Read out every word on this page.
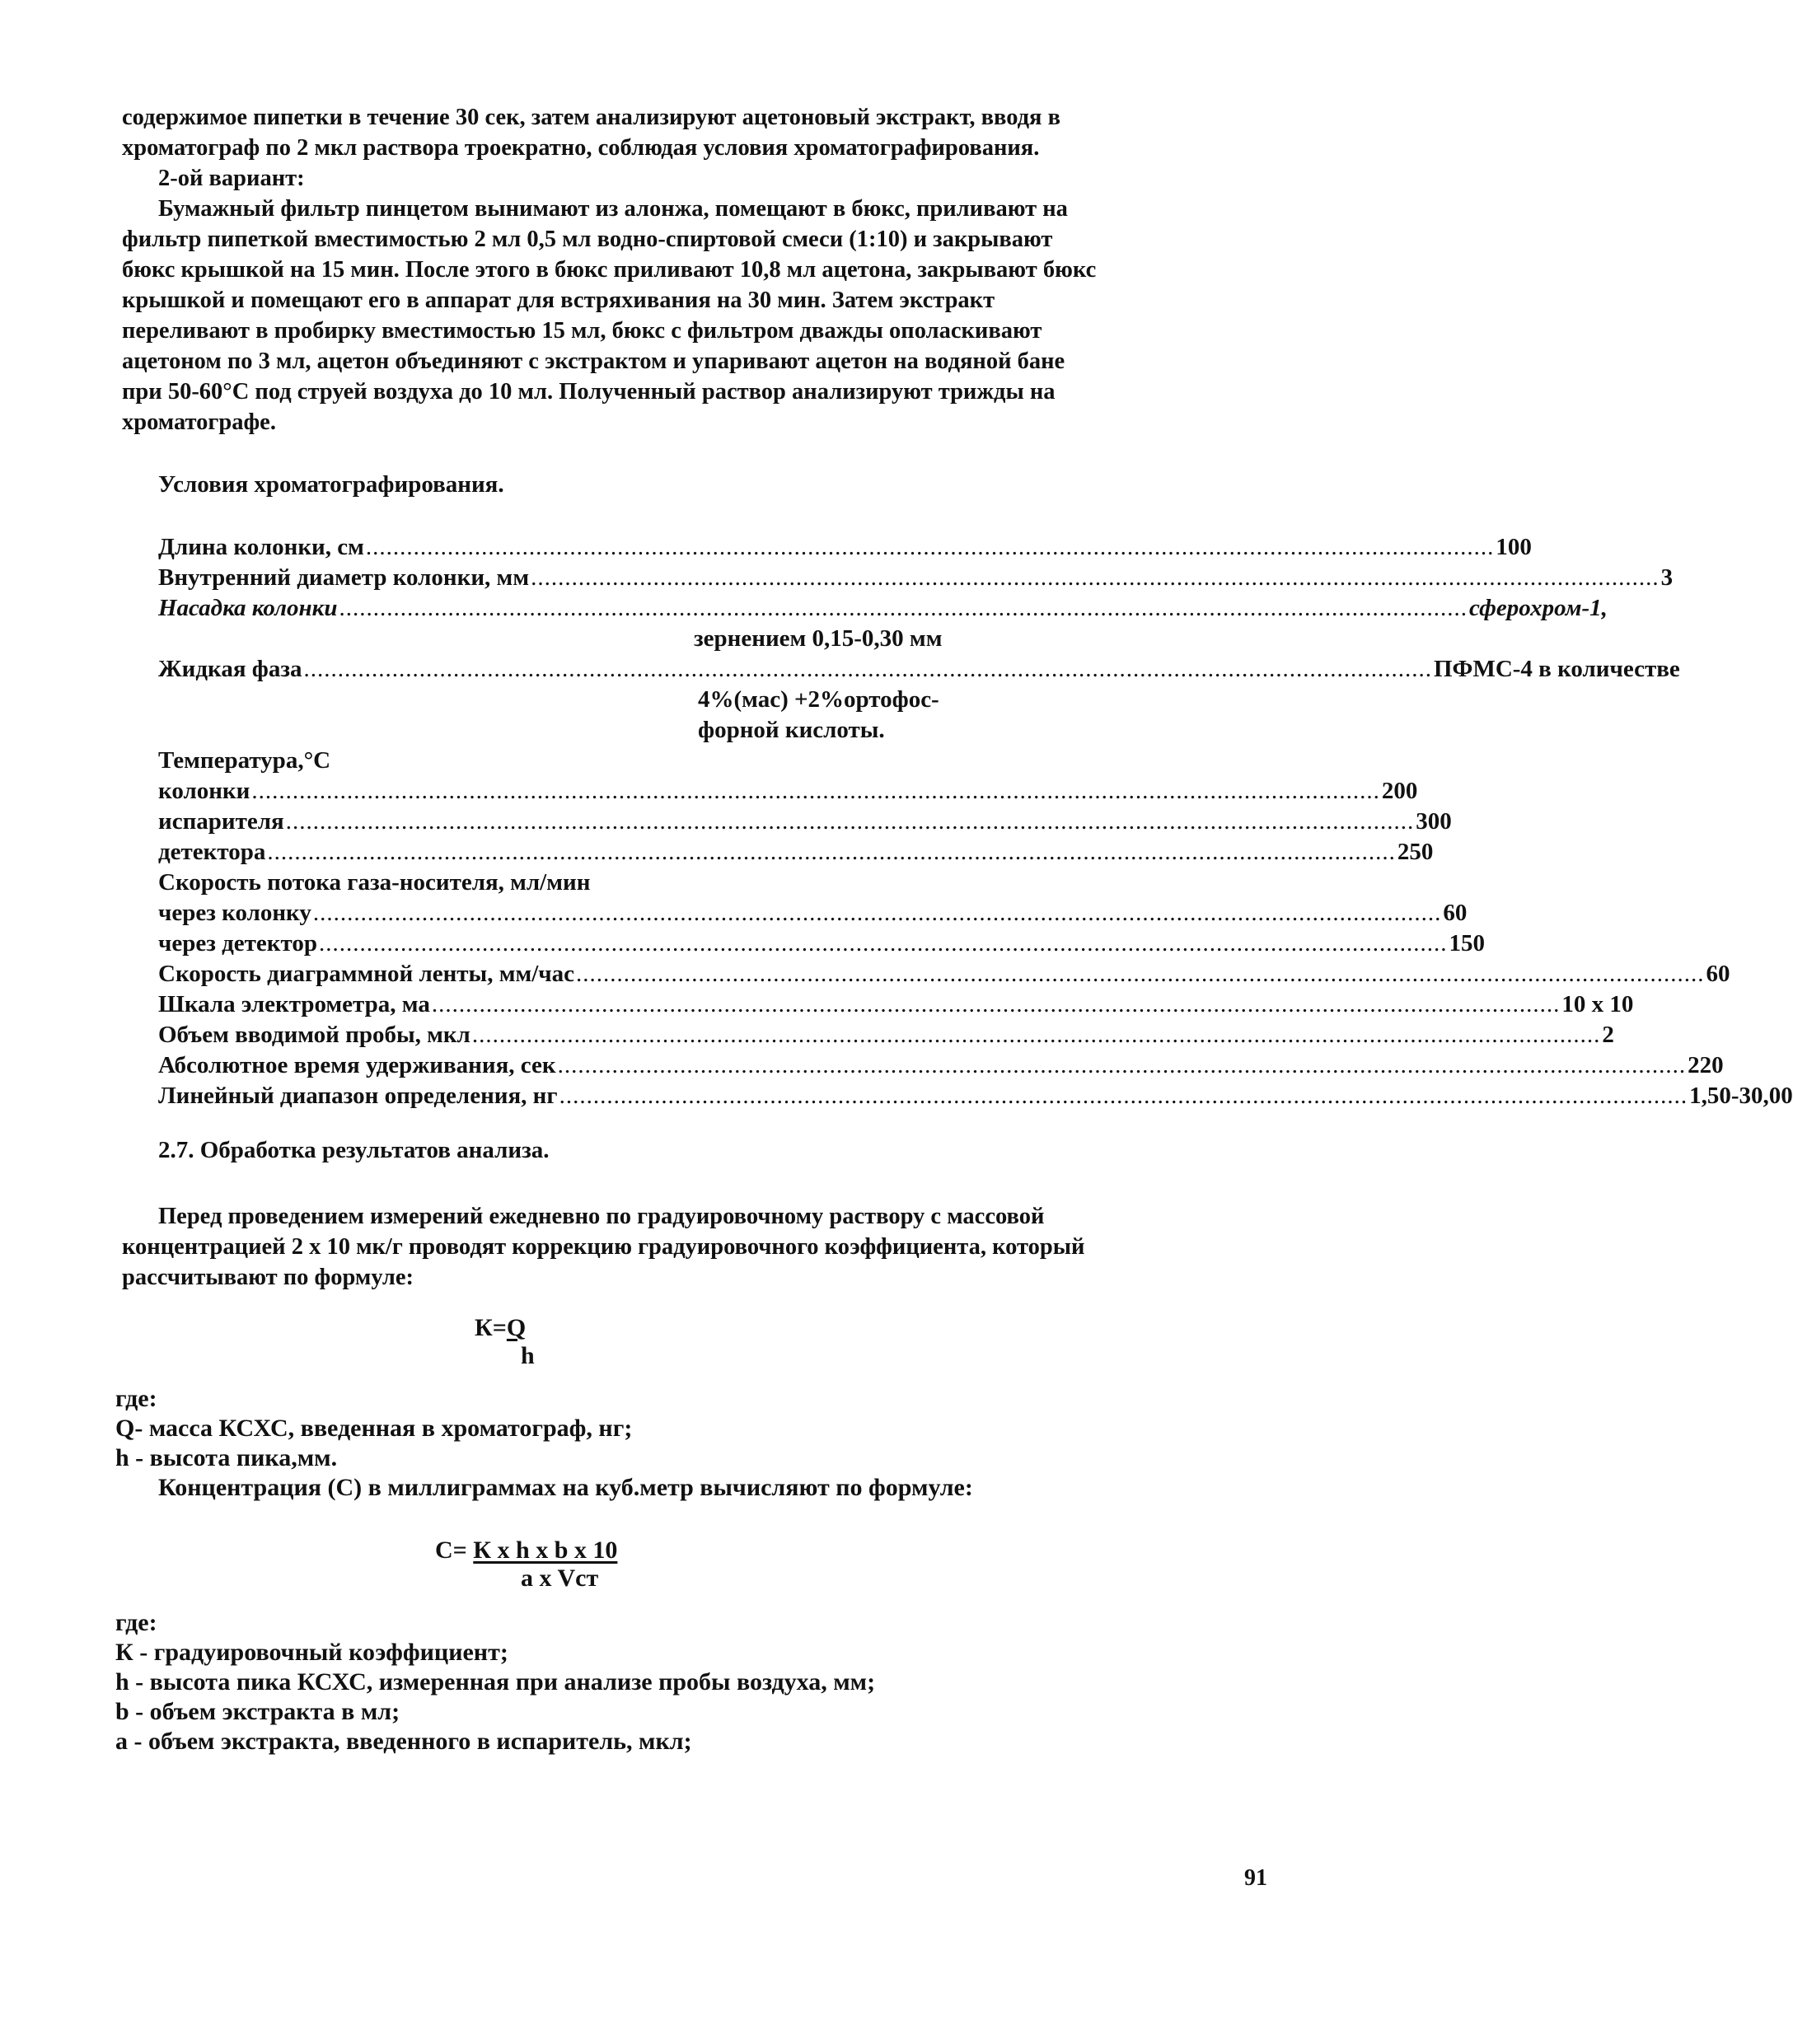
содержимое пипетки в течение 30 сек, затем анализируют ацетоновый экстракт, вводя в
хроматограф по 2 мкл раствора троекратно, соблюдая условия хроматографирования.
2-ой вариант:
Бумажный фильтр пинцетом вынимают из алонжа, помещают в бюкс, приливают на
фильтр пипеткой вместимостью 2 мл 0,5 мл водно-спиртовой смеси (1:10) и закрывают
бюкс крышкой на 15 мин. После этого в бюкс приливают 10,8 мл ацетона, закрывают бюкс
крышкой и помещают его в аппарат для встряхивания на 30 мин. Затем экстракт
переливают в пробирку вместимостью 15 мл, бюкс с фильтром дважды ополаскивают
ацетоном по 3 мл, ацетон объединяют с экстрактом и упаривают ацетон на водяной бане
при 50-60°С под струей воздуха до 10 мл. Полученный раствор анализируют трижды на
хроматографе.
Условия хроматографирования.
Длина колонки, см ...................................................................................................................................................................... 100
Внутренний диаметр колонки, мм ...................................................................................................................................................................... 3
Насадка колонки ...................................................................................................................................................................... сферохром-1,
зернением 0,15-0,30 мм
Жидкая фаза ...................................................................................................................................................................... ПФМС-4 в количестве
4%(мас) +2%ортофос-
форной кислоты.
Температура,°С
колонки ...................................................................................................................................................................... 200
испарителя ...................................................................................................................................................................... 300
детектора ...................................................................................................................................................................... 250
Скорость потока газа-носителя, мл/мин
через колонку ...................................................................................................................................................................... 60
через детектор ...................................................................................................................................................................... 150
Скорость диаграммной ленты, мм/час ...................................................................................................................................................................... 60
Шкала электрометра, ма ...................................................................................................................................................................... 10 x 10
Объем вводимой пробы, мкл ...................................................................................................................................................................... 2
Абсолютное время удерживания, сек ...................................................................................................................................................................... 220
Линейный диапазон определения, нг ...................................................................................................................................................................... 1,50-30,00
2.7. Обработка результатов анализа.
Перед проведением измерений ежедневно по градуировочному раствору с массовой
концентрацией 2 x 10 мк/г проводят коррекцию градуировочного коэффициента, который
рассчитывают по формуле:
К=Q
h
где:
Q- масса КСХС, введенная в хроматограф, нг;
h - высота пика,мм.
Концентрация (С) в миллиграммах на куб.метр вычисляют по формуле:
С= К x h x b x 10
a x Vст
где:
К - градуировочный коэффициент;
h - высота пика КСХС, измеренная при анализе пробы воздуха, мм;
b - объем экстракта в мл;
а - объем экстракта, введенного в испаритель, мкл;
91
